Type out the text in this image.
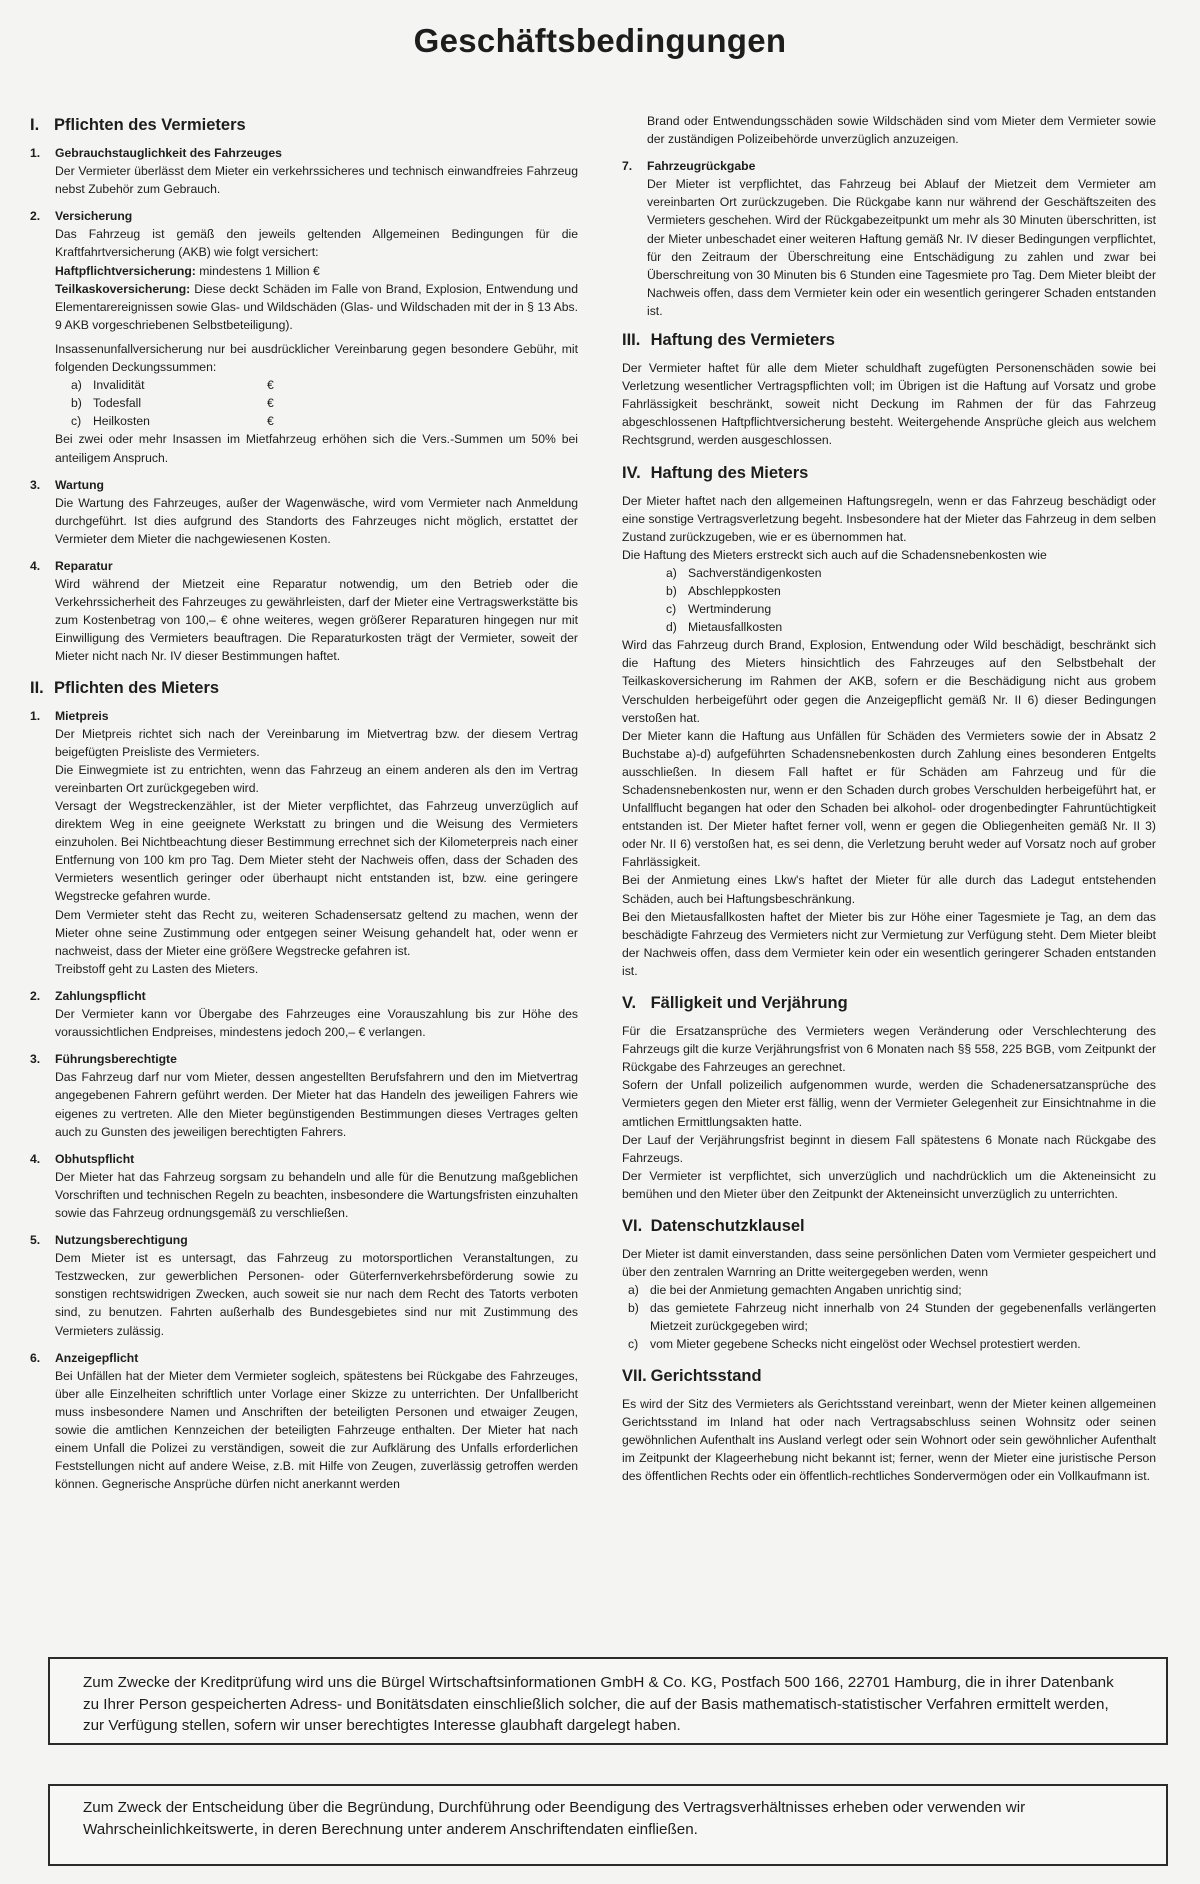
Geschäftsbedingungen
I. Pflichten des Vermieters
1.	Gebrauchstauglichkeit des Fahrzeuges

Der Vermieter überlässt dem Mieter ein verkehrssicheres und technisch einwandfreies Fahrzeug nebst Zubehör zum Gebrauch.

2.	Versicherung

Das Fahrzeug ist gemäß den jeweils geltenden Allgemeinen Bedingungen für die Kraftfahrtversicherung (AKB) wie folgt versichert:

Haftpflichtversicherung: mindestens 1 Million €

Teilkaskoversicherung: Diese deckt Schäden im Falle von Brand, Explosion, Entwendung und Elementarereignissen sowie Glas- und Wildschäden (Glas- und Wildschaden mit der in § 13 Abs. 9 AKB vorgeschriebenen Selbstbeteiligung).

Insassenunfallversicherung nur bei ausdrücklicher Vereinbarung gegen besondere Gebühr, mit folgenden Deckungssummen:

a) Invalidität	€
b) Todesfall	€
c) Heilkosten	€

Bei zwei oder mehr Insassen im Mietfahrzeug erhöhen sich die Vers.-Summen um 50% bei anteiligem Anspruch.

3.	Wartung

Die Wartung des Fahrzeuges, außer der Wagenwäsche, wird vom Vermieter nach Anmeldung durchgeführt. Ist dies aufgrund des Standorts des Fahrzeuges nicht möglich, erstattet der Vermieter dem Mieter die nachgewiesenen Kosten.

4.	Reparatur

Wird während der Mietzeit eine Reparatur notwendig, um den Betrieb oder die Verkehrssicherheit des Fahrzeuges zu gewährleisten, darf der Mieter eine Vertragswerkstätte bis zum Kostenbetrag von 100,– € ohne weiteres, wegen größerer Reparaturen hingegen nur mit Einwilligung des Vermieters beauftragen. Die Reparaturkosten trägt der Vermieter, soweit der Mieter nicht nach Nr. IV dieser Bestimmungen haftet.

II. Pflichten des Mieters
1.	Mietpreis

Der Mietpreis richtet sich nach der Vereinbarung im Mietvertrag bzw. der diesem Vertrag beigefügten Preisliste des Vermieters.

Die Einwegmiete ist zu entrichten, wenn das Fahrzeug an einem anderen als den im Vertrag vereinbarten Ort zurückgegeben wird.

Versagt der Wegstreckenzähler, ist der Mieter verpflichtet, das Fahrzeug unverzüglich auf direktem Weg in eine geeignete Werkstatt zu bringen und die Weisung des Vermieters einzuholen. Bei Nichtbeachtung dieser Bestimmung errechnet sich der Kilometerpreis nach einer Entfernung von 100 km pro Tag. Dem Mieter steht der Nachweis offen, dass der Schaden des Vermieters wesentlich geringer oder überhaupt nicht entstanden ist, bzw. eine geringere Wegstrecke gefahren wurde.

Dem Vermieter steht das Recht zu, weiteren Schadensersatz geltend zu machen, wenn der Mieter ohne seine Zustimmung oder entgegen seiner Weisung gehandelt hat, oder wenn er nachweist, dass der Mieter eine größere Wegstrecke gefahren ist.

Treibstoff geht zu Lasten des Mieters.

2.	Zahlungspflicht

Der Vermieter kann vor Übergabe des Fahrzeuges eine Vorauszahlung bis zur Höhe des voraussichtlichen Endpreises, mindestens jedoch 200,– € verlangen.

3.	Führungsberechtigte

Das Fahrzeug darf nur vom Mieter, dessen angestellten Berufsfahrern und den im Mietvertrag angegebenen Fahrern geführt werden. Der Mieter hat das Handeln des jeweiligen Fahrers wie eigenes zu vertreten. Alle den Mieter begünstigenden Bestimmungen dieses Vertrages gelten auch zu Gunsten des jeweiligen berechtigten Fahrers.

4.	Obhutspflicht

Der Mieter hat das Fahrzeug sorgsam zu behandeln und alle für die Benutzung maßgeblichen Vorschriften und technischen Regeln zu beachten, insbesondere die Wartungsfristen einzuhalten sowie das Fahrzeug ordnungsgemäß zu verschließen.

5.	Nutzungsberechtigung

Dem Mieter ist es untersagt, das Fahrzeug zu motorsportlichen Veranstaltungen, zu Testzwecken, zur gewerblichen Personen- oder Güterfernverkehrsbeförderung sowie zu sonstigen rechtswidrigen Zwecken, auch soweit sie nur nach dem Recht des Tatorts verboten sind, zu benutzen. Fahrten außerhalb des Bundesgebietes sind nur mit Zustimmung des Vermieters zulässig.

6.	Anzeigepflicht

Bei Unfällen hat der Mieter dem Vermieter sogleich, spätestens bei Rückgabe des Fahrzeuges, über alle Einzelheiten schriftlich unter Vorlage einer Skizze zu unterrichten. Der Unfallbericht muss insbesondere Namen und Anschriften der beteiligten Personen und etwaiger Zeugen, sowie die amtlichen Kennzeichen der beteiligten Fahrzeuge enthalten. Der Mieter hat nach einem Unfall die Polizei zu verständigen, soweit die zur Aufklärung des Unfalls erforderlichen Feststellungen nicht auf andere Weise, z.B. mit Hilfe von Zeugen, zuverlässig getroffen werden können. Gegnerische Ansprüche dürfen nicht anerkannt werden

Brand oder Entwendungsschäden sowie Wildschäden sind vom Mieter dem Vermieter sowie der zuständigen Polizeibehörde unverzüglich anzuzeigen.

7.	Fahrzeugrückgabe

Der Mieter ist verpflichtet, das Fahrzeug bei Ablauf der Mietzeit dem Vermieter am vereinbarten Ort zurückzugeben. Die Rückgabe kann nur während der Geschäftszeiten des Vermieters geschehen. Wird der Rückgabezeitpunkt um mehr als 30 Minuten überschritten, ist der Mieter unbeschadet einer weiteren Haftung gemäß Nr. IV dieser Bedingungen verpflichtet, für den Zeitraum der Überschreitung eine Entschädigung zu zahlen und zwar bei Überschreitung von 30 Minuten bis 6 Stunden eine Tagesmiete pro Tag. Dem Mieter bleibt der Nachweis offen, dass dem Vermieter kein oder ein wesentlich geringerer Schaden entstanden ist.

III. Haftung des Vermieters

Der Vermieter haftet für alle dem Mieter schuldhaft zugefügten Personenschäden sowie bei Verletzung wesentlicher Vertragspflichten voll; im Übrigen ist die Haftung auf Vorsatz und grobe Fahrlässigkeit beschränkt, soweit nicht Deckung im Rahmen der für das Fahrzeug abgeschlossenen Haftpflichtversicherung besteht. Weitergehende Ansprüche gleich aus welchem Rechtsgrund, werden ausgeschlossen.

IV. Haftung des Mieters

Der Mieter haftet nach den allgemeinen Haftungsregeln, wenn er das Fahrzeug beschädigt oder eine sonstige Vertragsverletzung begeht. Insbesondere hat der Mieter das Fahrzeug in dem selben Zustand zurückzugeben, wie er es übernommen hat.

Die Haftung des Mieters erstreckt sich auch auf die Schadensnebenkosten wie

a) Sachverständigenkosten
b) Abschleppkosten
c) Wertminderung
d) Mietausfallkosten

Wird das Fahrzeug durch Brand, Explosion, Entwendung oder Wild beschädigt, beschränkt sich die Haftung des Mieters hinsichtlich des Fahrzeuges auf den Selbstbehalt der Teilkaskoversicherung im Rahmen der AKB, sofern er die Beschädigung nicht aus grobem Verschulden herbeigeführt oder gegen die Anzeigepflicht gemäß Nr. II 6) dieser Bedingungen verstoßen hat.

Der Mieter kann die Haftung aus Unfällen für Schäden des Vermieters sowie der in Absatz 2 Buchstabe a)-d) aufgeführten Schadensnebenkosten durch Zahlung eines besonderen Entgelts ausschließen. In diesem Fall haftet er für Schäden am Fahrzeug und für die Schadensnebenkosten nur, wenn er den Schaden durch grobes Verschulden herbeigeführt hat, er Unfallflucht begangen hat oder den Schaden bei alkohol- oder drogenbedingter Fahruntüchtigkeit entstanden ist. Der Mieter haftet ferner voll, wenn er gegen die Obliegenheiten gemäß Nr. II 3) oder Nr. II 6) verstoßen hat, es sei denn, die Verletzung beruht weder auf Vorsatz noch auf grober Fahrlässigkeit.

Bei der Anmietung eines Lkw's haftet der Mieter für alle durch das Ladegut entstehenden Schäden, auch bei Haftungsbeschränkung.

Bei den Mietausfallkosten haftet der Mieter bis zur Höhe einer Tagesmiete je Tag, an dem das beschädigte Fahrzeug des Vermieters nicht zur Vermietung zur Verfügung steht. Dem Mieter bleibt der Nachweis offen, dass dem Vermieter kein oder ein wesentlich geringerer Schaden entstanden ist.

V. Fälligkeit und Verjährung

Für die Ersatzansprüche des Vermieters wegen Veränderung oder Verschlechterung des Fahrzeugs gilt die kurze Verjährungsfrist von 6 Monaten nach §§ 558, 225 BGB, vom Zeitpunkt der Rückgabe des Fahrzeuges an gerechnet.

Sofern der Unfall polizeilich aufgenommen wurde, werden die Schadenersatzansprüche des Vermieters gegen den Mieter erst fällig, wenn der Vermieter Gelegenheit zur Einsichtnahme in die amtlichen Ermittlungsakten hatte.

Der Lauf der Verjährungsfrist beginnt in diesem Fall spätestens 6 Monate nach Rückgabe des Fahrzeugs.

Der Vermieter ist verpflichtet, sich unverzüglich und nachdrücklich um die Akteneinsicht zu bemühen und den Mieter über den Zeitpunkt der Akteneinsicht unverzüglich zu unterrichten.

VI. Datenschutzklausel

Der Mieter ist damit einverstanden, dass seine persönlichen Daten vom Vermieter gespeichert und über den zentralen Warnring an Dritte weitergegeben werden, wenn

a) die bei der Anmietung gemachten Angaben unrichtig sind;
b) das gemietete Fahrzeug nicht innerhalb von 24 Stunden der gegebenenfalls verlängerten Mietzeit zurückgegeben wird;
c) vom Mieter gegebene Schecks nicht eingelöst oder Wechsel protestiert werden.
VII. Gerichtsstand

Es wird der Sitz des Vermieters als Gerichtsstand vereinbart, wenn der Mieter keinen allgemeinen Gerichtsstand im Inland hat oder nach Vertragsabschluss seinen Wohnsitz oder seinen gewöhnlichen Aufenthalt ins Ausland verlegt oder sein Wohnort oder sein gewöhnlicher Aufenthalt im Zeitpunkt der Klageerhebung nicht bekannt ist; ferner, wenn der Mieter eine juristische Person des öffentlichen Rechts oder ein öffentlich-rechtliches Sondervermögen oder ein Vollkaufmann ist.

Zum Zwecke der Kreditprüfung wird uns die Bürgel Wirtschaftsinformationen GmbH & Co. KG, Postfach 500 166, 22701 Hamburg, die in ihrer Datenbank zu Ihrer Person gespeicherten Adress- und Bonitätsdaten einschließlich solcher, die auf der Basis mathematisch-statistischer Verfahren ermittelt werden, zur Verfügung stellen, sofern wir unser berechtigtes Interesse glaubhaft dargelegt haben.
Zum Zweck der Entscheidung über die Begründung, Durchführung oder Beendigung des Vertragsverhältnisses erheben oder verwenden wir Wahrscheinlichkeitswerte, in deren Berechnung unter anderem Anschriftendaten einfließen.
